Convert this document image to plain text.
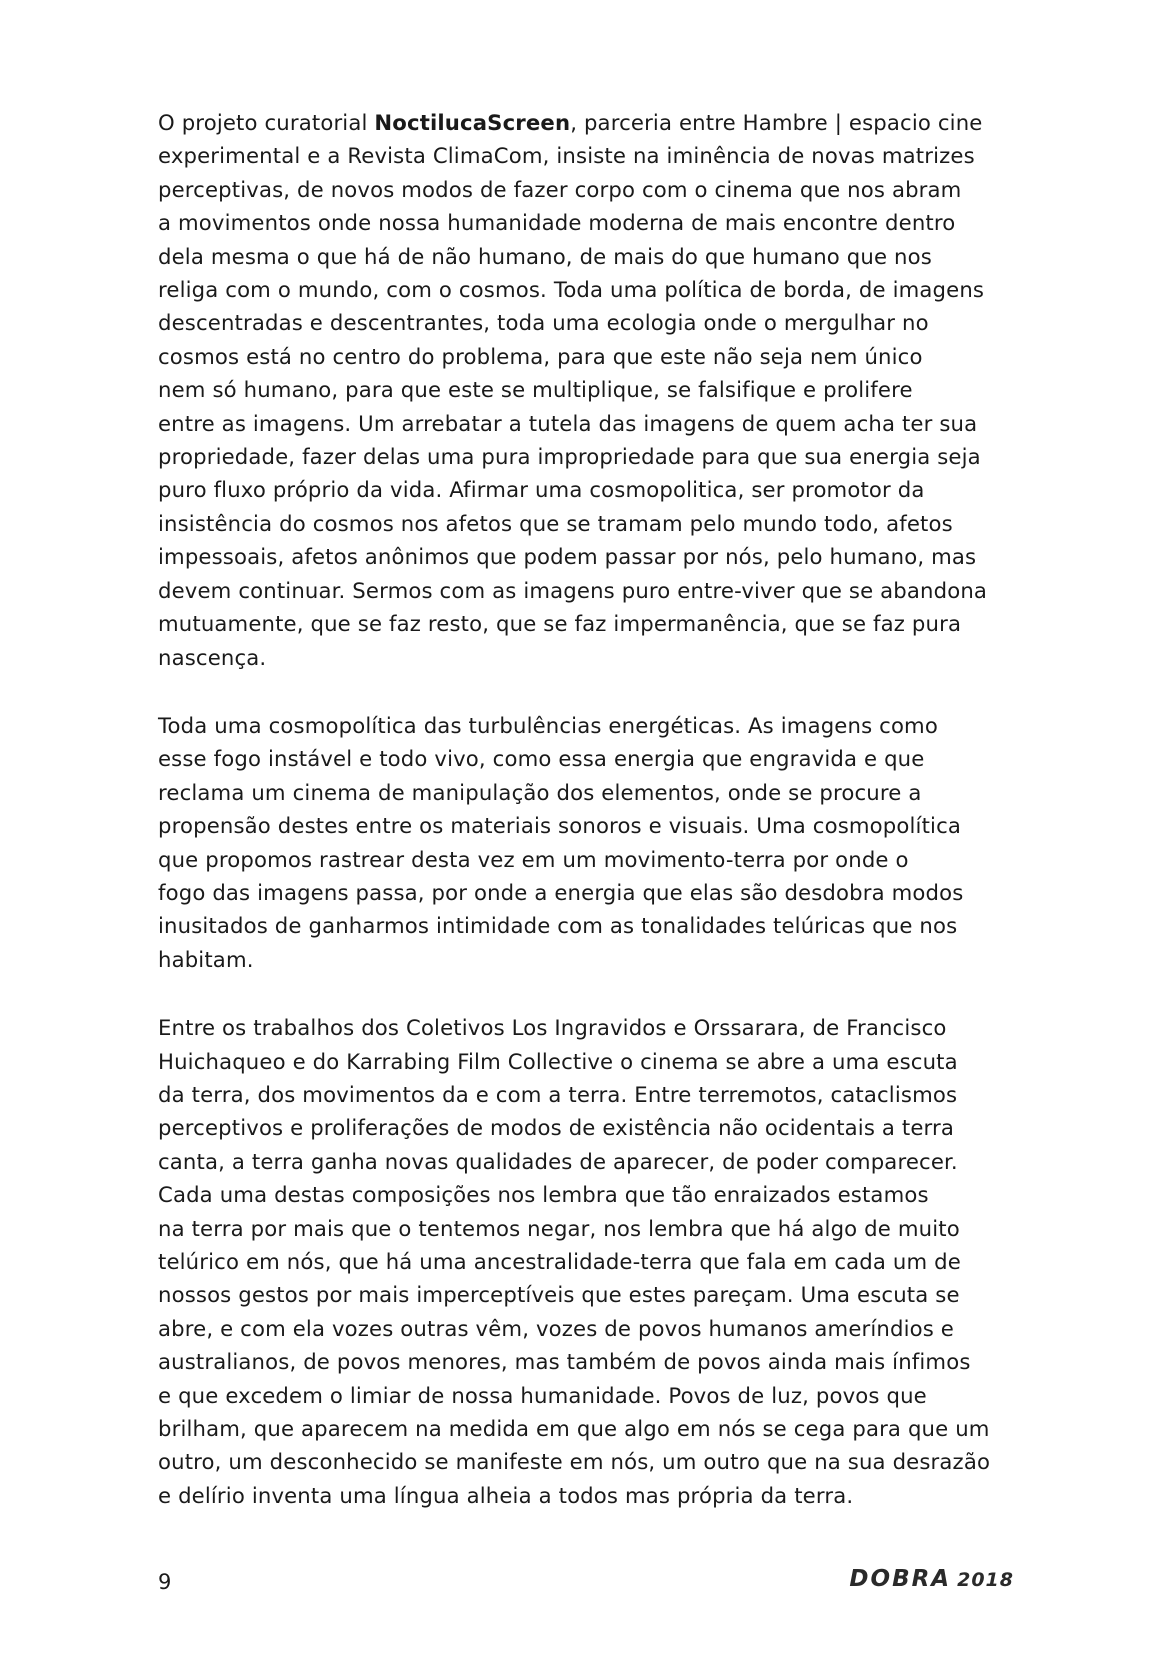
O projeto curatorial NoctilucaScreen, parceria entre Hambre | espacio cine
experimental e a Revista ClimaCom, insiste na iminência de novas matrizes
perceptivas, de novos modos de fazer corpo com o cinema que nos abram
a movimentos onde nossa humanidade moderna de mais encontre dentro
dela mesma o que há de não humano, de mais do que humano que nos
religa com o mundo, com o cosmos. Toda uma política de borda, de imagens
descentradas e descentrantes, toda uma ecologia onde o mergulhar no
cosmos está no centro do problema, para que este não seja nem único
nem só humano, para que este se multiplique, se falsifique e prolifere
entre as imagens. Um arrebatar a tutela das imagens de quem acha ter sua
propriedade, fazer delas uma pura impropriedade para que sua energia seja
puro fluxo próprio da vida. Afirmar uma cosmopolitica, ser promotor da
insistência do cosmos nos afetos que se tramam pelo mundo todo, afetos
impessoais, afetos anônimos que podem passar por nós, pelo humano, mas
devem continuar. Sermos com as imagens puro entre-viver que se abandona
mutuamente, que se faz resto, que se faz impermanência, que se faz pura
nascença.

Toda uma cosmopolítica das turbulências energéticas. As imagens como
esse fogo instável e todo vivo, como essa energia que engravida e que
reclama um cinema de manipulação dos elementos, onde se procure a
propensão destes entre os materiais sonoros e visuais. Uma cosmopolítica
que propomos rastrear desta vez em um movimento-terra por onde o
fogo das imagens passa, por onde a energia que elas são desdobra modos
inusitados de ganharmos intimidade com as tonalidades telúricas que nos
habitam.

Entre os trabalhos dos Coletivos Los Ingravidos e Orssarara, de Francisco
Huichaqueo e do Karrabing Film Collective o cinema se abre a uma escuta
da terra, dos movimentos da e com a terra. Entre terremotos, cataclismos
perceptivos e proliferações de modos de existência não ocidentais a terra
canta, a terra ganha novas qualidades de aparecer, de poder comparecer.
Cada uma destas composições nos lembra que tão enraizados estamos
na terra por mais que o tentemos negar, nos lembra que há algo de muito
telúrico em nós, que há uma ancestralidade-terra que fala em cada um de
nossos gestos por mais imperceptíveis que estes pareçam. Uma escuta se
abre, e com ela vozes outras vêm, vozes de povos humanos ameríndios e
australianos, de povos menores, mas também de povos ainda mais ínfimos
e que excedem o limiar de nossa humanidade. Povos de luz, povos que
brilham, que aparecem na medida em que algo em nós se cega para que um
outro, um desconhecido se manifeste em nós, um outro que na sua desrazão
e delírio inventa uma língua alheia a todos mas própria da terra.

9	DOBRA 2018
